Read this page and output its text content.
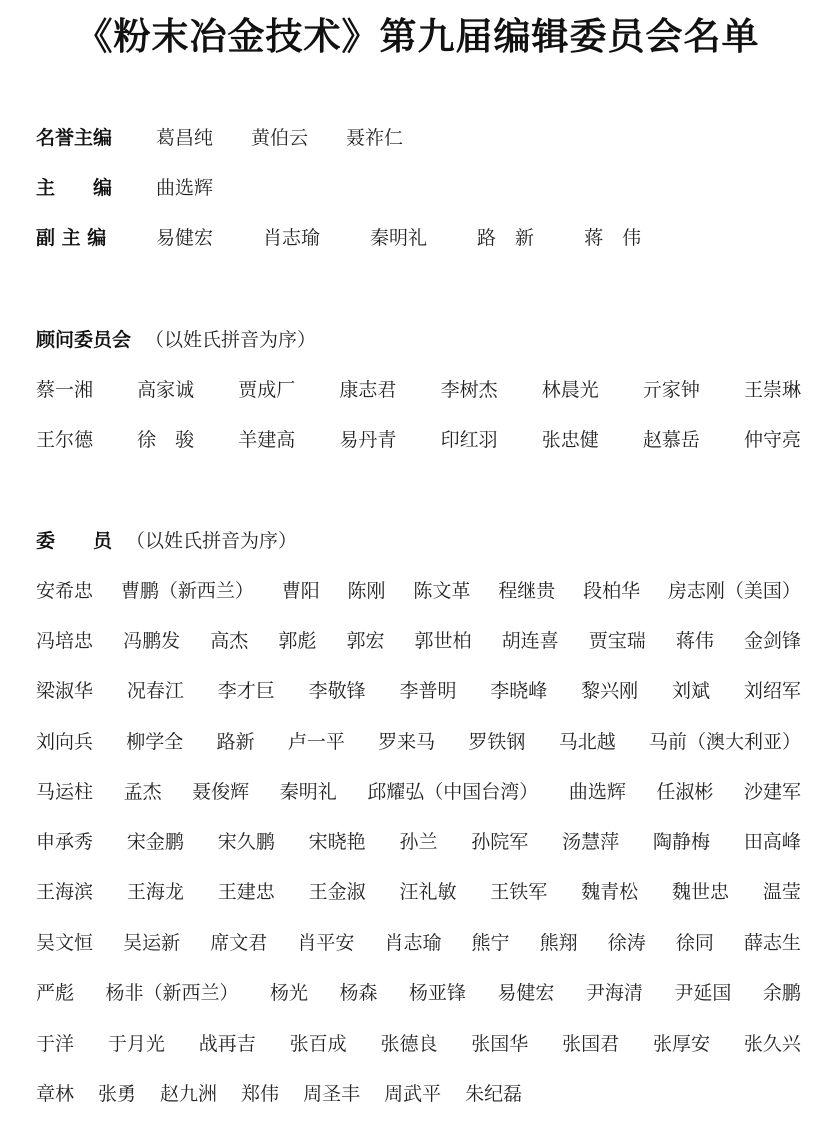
《粉末冶金技术》第九届编辑委员会名单
名誉主编 葛昌纯 黄伯云 聂祚仁
主　　编 曲选辉
副 主 编	易健宏	肖志瑜	秦明礼	路　新	蒋　伟
顾问委员会 （以姓氏拼音为序）
蔡一湘 高家诚 贾成厂 康志君 李树杰 林晨光 亓家钟 王崇琳
王尔德 徐　骏 羊建高 易丹青 印红羽 张忠健 赵慕岳 仲守亮
委　　员 （以姓氏拼音为序）
安希忠 曹鹏（新西兰） 曹阳 陈刚 陈文革 程继贵 段柏华 房志刚（美国）
冯培忠 冯鹏发 高杰 郭彪 郭宏 郭世柏 胡连喜 贾宝瑞 蒋伟 金剑锋
梁淑华 况春江 李才巨 李敬锋 李普明 李晓峰 黎兴刚 刘斌 刘绍军
刘向兵 柳学全 路新 卢一平 罗来马 罗铁钢 马北越 马前（澳大利亚）
马运柱 孟杰 聂俊辉 秦明礼 邱耀弘（中国台湾） 曲选辉 任淑彬 沙建军
申承秀 宋金鹏 宋久鹏 宋晓艳 孙兰 孙院军 汤慧萍 陶静梅 田高峰
王海滨 王海龙 王建忠 王金淑 汪礼敏 王铁军 魏青松 魏世忠 温莹
吴文恒 吴运新 席文君 肖平安 肖志瑜 熊宁 熊翔 徐涛 徐同 薛志生
严彪 杨非（新西兰） 杨光 杨森 杨亚锋 易健宏 尹海清 尹延国 余鹏
于洋 于月光 战再吉 张百成 张德良 张国华 张国君 张厚安 张久兴
章林 张勇 赵九洲 郑伟 周圣丰 周武平 朱纪磊
